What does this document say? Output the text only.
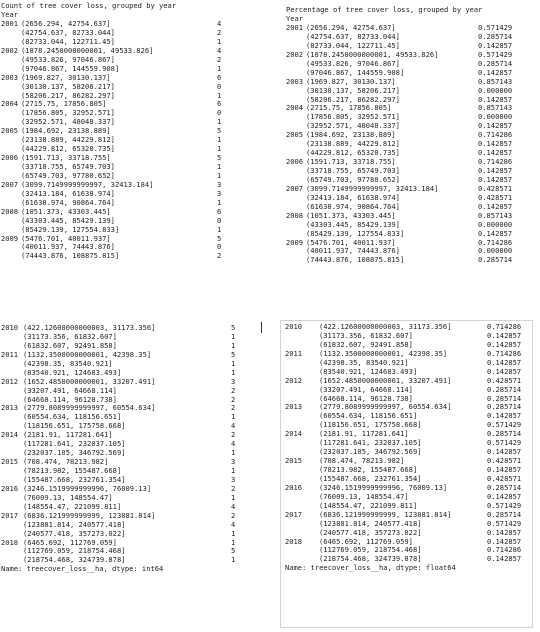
Count of tree cover loss, grouped by year
Year
2001 (2656.294, 42754.637]	4
(42754.637, 82733.044]	2
(82733.044, 122711.45]	1
2002 (1878.2450000000001, 49533.826]	4
(49533.826, 97046.867]	2
(97046.867, 144559.908]	1
2003 (1969.827, 30130.137]	6
(30130.137, 58206.217]	0
(58206.217, 86282.297]	1
2004 (2715.75, 17856.805]	6
(17856.805, 32952.571]	0
(32952.571, 48048.337]	1
2005 (1984.692, 23138.889]	5
(23138.889, 44229.812]	1
(44229.812, 65320.735]	1
2006 (1591.713, 33718.755]	5
(33718.755, 65749.703]	1
(65749.703, 97780.652]	1
2007 (3099.7149999999997, 32413.184]	3
(32413.184, 61638.974]	3
(61638.974, 90864.764]	1
2008 (1051.373, 43303.445]	6
(43303.445, 85429.139]	0
(85429.139, 127554.833]	1
2009 (5476.701, 40011.937]	5
(40011.937, 74443.876]	0
(74443.876, 108875.815]	2
2010 (422.12600000000003, 31173.356]	5
(31173.356, 61832.607]	1
(61832.607, 92491.858]	1
2011 (1132.3500000000001, 42398.35]	5
(42398.35, 83540.921]	1
(83540.921, 124683.493]	1
2012 (1652.4850000000001, 33207.491]	3
(33207.491, 64668.114]	2
(64668.114, 96128.738]	2
2013 (2779.8089999999997, 60554.634]	2
(60554.634, 118156.651]	1
(118156.651, 175758.668]	4
2014 (2181.91, 117281.641]	2
(117281.641, 232037.105]	4
(232037.105, 346792.569]	1
2015 (708.474, 78213.982]	3
(78213.982, 155487.668]	1
(155487.668, 232761.354]	3
2016 (3246.1519999999996, 76009.13]	2
(76009.13, 148554.47]	1
(148554.47, 221099.811]	4
2017 (6836.121999999999, 123881.814]	2
(123881.814, 240577.418]	4
(240577.418, 357273.022]	1
2018 (6465.692, 112769.059]	1
(112769.059, 218754.468]	5
(218754.468, 324739.878]	1
Name: treecover_loss__ha, dtype: int64
Percentage of tree cover loss, grouped by year
Year
2001 (2656.294, 42754.637]	0.571429
(42754.637, 82733.044]	0.285714
(82733.044, 122711.45]	0.142857
2002 (1878.2450000000001, 49533.826]	0.571429
(49533.826, 97046.867]	0.285714
(97046.867, 144559.908]	0.142857
2003 (1969.827, 30130.137]	0.857143
(30130.137, 58206.217]	0.000000
(58206.217, 86282.297]	0.142857
2004 (2715.75, 17856.805]	0.857143
(17856.805, 32952.571]	0.000000
(32952.571, 48048.337]	0.142857
2005 (1984.692, 23138.889]	0.714286
(23138.889, 44229.812]	0.142857
(44229.812, 65320.735]	0.142857
2006 (1591.713, 33718.755]	0.714286
(33718.755, 65749.703]	0.142857
(65749.703, 97780.652]	0.142857
2007 (3099.7149999999997, 32413.184]	0.428571
(32413.184, 61638.974]	0.428571
(61638.974, 90864.764]	0.142857
2008 (1051.373, 43303.445]	0.857143
(43303.445, 85429.139]	0.000000
(85429.139, 127554.833]	0.142857
2009 (5476.701, 40011.937]	0.714286
(40011.937, 74443.876]	0.000000
(74443.876, 108875.815]	0.285714
2010 (422.12600000000003, 31173.356]	0.714286
(31173.356, 61832.607]	0.142857
(61832.607, 92491.858]	0.142857
2011 (1132.3500000000001, 42398.35]	0.714286
(42398.35, 83540.921]	0.142857
(83540.921, 124683.493]	0.142857
2012 (1652.4850000000001, 33207.491]	0.428571
(33207.491, 64668.114]	0.285714
(64668.114, 96128.738]	0.285714
2013 (2779.8089999999997, 60554.634]	0.285714
(60554.634, 118156.651]	0.142857
(118156.651, 175758.668]	0.571429
2014 (2181.91, 117281.641]	0.285714
(117281.641, 232037.105]	0.571429
(232037.105, 346792.569]	0.142857
2015 (708.474, 78213.982]	0.428571
(78213.982, 155487.668]	0.142857
(155487.668, 232761.354]	0.428571
2016 (3246.1519999999996, 76009.13]	0.285714
(76009.13, 148554.47]	0.142857
(148554.47, 221099.811]	0.571429
2017 (6836.121999999999, 123881.814]	0.285714
(123881.814, 240577.418]	0.571429
(240577.418, 357273.022]	0.142857
2018 (6465.692, 112769.059]	0.142857
(112769.059, 218754.468]	0.714286
(218754.468, 324739.878]	0.142857
Name: treecover_loss__ha, dtype: float64
